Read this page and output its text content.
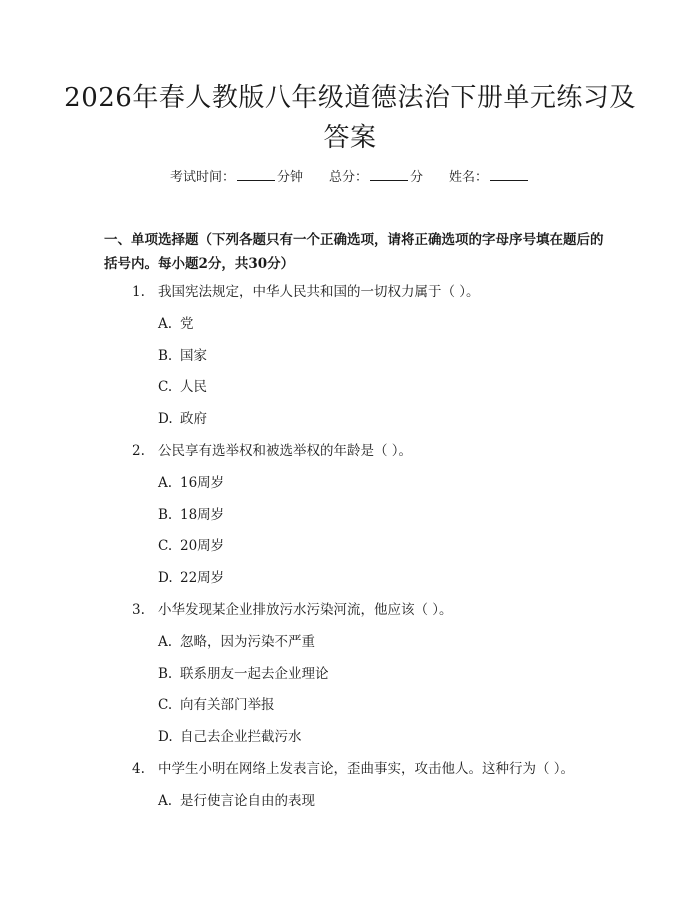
2026年春人教版八年级道德法治下册单元练习及答案
考试时间：	分钟 总分：	分 姓名：
一、单项选择题（下列各题只有一个正确选项，请将正确选项的字母序号填在题后的括号内。每小题2分，共30分）
1. 我国宪法规定，中华人民共和国的一切权力属于（ ）。
A. 党
B. 国家
C. 人民
D. 政府
2. 公民享有选举权和被选举权的年龄是（ ）。
A. 16周岁
B. 18周岁
C. 20周岁
D. 22周岁
3. 小华发现某企业排放污水污染河流，他应该（ ）。
A. 忽略，因为污染不严重
B. 联系朋友一起去企业理论
C. 向有关部门举报
D. 自己去企业拦截污水
4. 中学生小明在网络上发表言论，歪曲事实，攻击他人。这种行为（ ）。
A. 是行使言论自由的表现
